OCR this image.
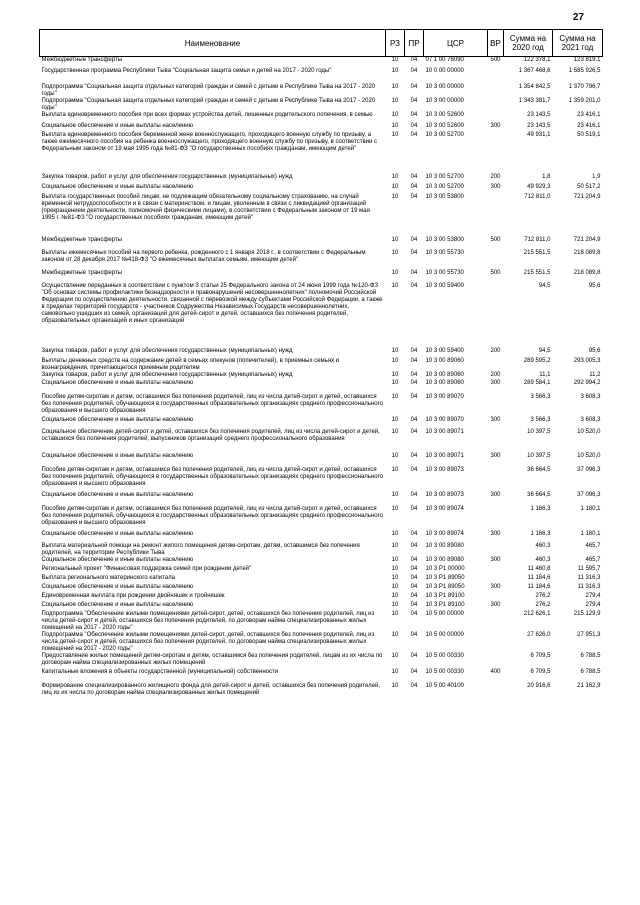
27
Наименование	РЗ	ПР	ЦСР	ВР	Сумма на 2020 год	Сумма на 2021 год
Межбюджетные трансферты	10	04	07 1 00 76090	500	122 378,1	123 819,1
Государственная программа Республики Тыва "Социальная защита семьи и детей на 2017 - 2020 годы"	10	04	10 0 00 00000		1 367 468,6	1 585 926,5
Подпрограмма "Социальная защита отдельных категорий граждан и семей с детьми в Республике Тыва на 2017 - 2020 годы"	10	04	10 3 00 00000		1 354 842,5	1 370 796,7
Подпрограмма "Социальная защита отдельных категорий граждан и семей с детьми в Республике Тыва на 2017 - 2020 годы"	10	04	10 3 00 00000		1 343 381,7	1 359 201,0
Выплата единовременного пособия при всех формах устройства детей, лишенных родительского попечения, в семью	10	04	10 3 00 52600		23 143,5	23 416,1
Социальное обеспечение и иные выплаты населению	10	04	10 3 00 52600	300	23 143,5	23 416,1
Выплата единовременного пособия беременной жене военнослужащего, проходящего военную службу по призыву, а также ежемесячного пособия на ребенка военнослужащего, проходящего военную службу по призыву, в соответствии с Федеральным законом от 19 мая 1995 года №81-ФЗ "О государственных пособиях гражданам, имеющим детей"	10	04	10 3 00 52700		49 931,1	50 519,1
Закупка товаров, работ и услуг для обеспечения государственных (муниципальных) нужд	10	04	10 3 00 52700	200	1,8	1,9
Социальное обеспечение и иные выплаты населению	10	04	10 3 00 52700	300	49 929,3	50 517,2
Выплата государственных пособий лицам, не подлежащим обязательному социальному страхованию, на случай временной нетрудоспособности и в связи с материнством, и лицам, уволенным в связи с ликвидацией организаций (прекращением деятельности, полномочий физическими лицами), в соответствии с Федеральным законом от 19 мая 1995 г. №81-ФЗ "О государственных пособиях гражданам, имеющим детей"	10	04	10 3 00 53800		712 811,0	721 204,9
Межбюджетные трансферты	10	04	10 3 00 53800	500	712 811,0	721 204,9
Выплаты ежемесячных пособий на первого ребенка, рожденного с 1 января 2018 г., в соответствии с Федеральным законом от 28 декабря 2017 №418-ФЗ "О ежемесячных выплатах семьям, имеющим детей"	10	04	10 3 00 55730		215 551,5	218 089,8
Межбюджетные трансферты	10	04	10 3 00 55730	500	215 551,5	218 089,8
Осуществление переданных в соответствии с пунктом 3 статьи 25 Федерального закона от 24 июня 1999 года №120-ФЗ "Об основах системы профилактики безнадзорности и правонарушений несовершеннолетних" полномочий Российской Федерации по осуществлению деятельности, связанной с перевозкой между субъектами Российской Федерации, а также в пределах территорий государств - участников Содружества Независимых Государств несовершеннолетних, самовольно ушедших из семей, организаций для детей-сирот и детей, оставшихся без попечения родителей, образовательных организаций и иных организаций	10	04	10 3 00 59400		94,5	95,6
Закупка товаров, работ и услуг для обеспечения государственных (муниципальных) нужд	10	04	10 3 00 59400	200	94,5	95,6
Выплаты денежных средств на содержание детей в семьях опекунов (попечителей), в приемных семьях и вознаграждения, причитающегося приемным родителям	10	04	10 3 00 89060		289 595,2	293 005,3
Закупка товаров, работ и услуг для обеспечения государственных (муниципальных) нужд	10	04	10 3 00 89060	200	11,1	11,2
Социальное обеспечение и иные выплаты населению	10	04	10 3 00 89060	300	289 584,1	292 994,2
Пособие детям-сиротам и детям, оставшимся без попечения родителей, лиц из числа детей-сирот и детей, оставшихся без попечения родителей, обучающихся в государственных образовательных организациях среднего профессионального образования и высшего образования	10	04	10 3 00 89070		3 566,3	3 608,3
Социальное обеспечение и иные выплаты населению	10	04	10 3 00 89070	300	3 566,3	3 608,3
Социальное обеспечение детей-сирот и детей, оставшихся без попечения родителей, лиц из числа детей-сирот и детей, оставшихся без попечения родителей, выпускников организаций среднего профессионального образования	10	04	10 3 00 89071		10 397,5	10 520,0
Социальное обеспечение и иные выплаты населению	10	04	10 3 00 89071	300	10 397,5	10 520,0
Пособие детям-сиротам и детям, оставшимся без попечения родителей, лиц из числа детей-сирот и детей, оставшихся без попечения родителей, обучающихся в государственных образовательных организациях среднего профессионального образования и высшего образования	10	04	10 3 00 89073		36 664,5	37 096,3
Социальное обеспечение и иные выплаты населению	10	04	10 3 00 89073	300	36 664,5	37 096,3
Пособие детям-сиротам и детям, оставшимся без попечения родителей, лиц из числа детей-сирот и детей, оставшихся без попечения родителей, обучающихся в государственных образовательных организациях среднего профессионального образования и высшего образования	10	04	10 3 00 89074		1 166,3	1 180,1
Социальное обеспечение и иные выплаты населению	10	04	10 3 00 89074	300	1 166,3	1 180,1
Выплата материальной помощи на ремонт жилого помещения детям-сиротам, детям, оставшимся без попечения родителей, на территории Республики Тыва	10	04	10 3 00 89080		460,3	465,7
Социальное обеспечение и иные выплаты населению	10	04	10 3 00 89080	300	460,3	465,7
Региональный проект "Финансовая поддержка семей при рождении детей"	10	04	10 3 P1 00000		11 460,8	11 595,7
Выплата регионального материнского капитала	10	04	10 3 P1 89050		11 184,6	11 316,3
Социальное обеспечение и иные выплаты населению	10	04	10 3 P1 89050	300	11 184,6	11 316,3
Единовременная выплата при рождении двойняшек и тройняшек	10	04	10 3 P1 89100		276,2	279,4
Социальное обеспечение и иные выплаты населению	10	04	10 3 P1 89100	300	276,2	279,4
Подпрограмма "Обеспечение жилыми помещениями детей-сирот, детей, оставшихся без попечения родителей, лиц из числа детей-сирот и детей, оставшихся без попечения родителей, по договорам найма специализированных жилых помещений на 2017 - 2020 годы"	10	04	10 5 00 00000		212 626,1	215 129,9
Подпрограмма "Обеспечение жилыми помещениями детей-сирот, детей, оставшихся без попечения родителей, лиц из числа детей-сирот и детей, оставшихся без попечения родителей, по договорам найма специализированных жилых помещений на 2017 - 2020 годы"	10	04	10 5 00 00000		27 626,0	27 951,3
Предоставление жилых помещений детям-сиротам и детям, оставшимся без попечения родителей, лицам из их числа по договорам найма специализированных жилых помещений	10	04	10 5 00 00330		6 709,5	6 788,5
Капитальные вложения в объекты государственной (муниципальной) собственности	10	04	10 5 00 00330	400	6 709,5	6 788,5
Формирование специализированного жилищного фонда для детей-сирот и детей, оставшихся без попечения родителей, лиц из их числа по договорам найма специализированных жилых помещений	10	04	10 5 00 40100		20 916,6	21 162,9
